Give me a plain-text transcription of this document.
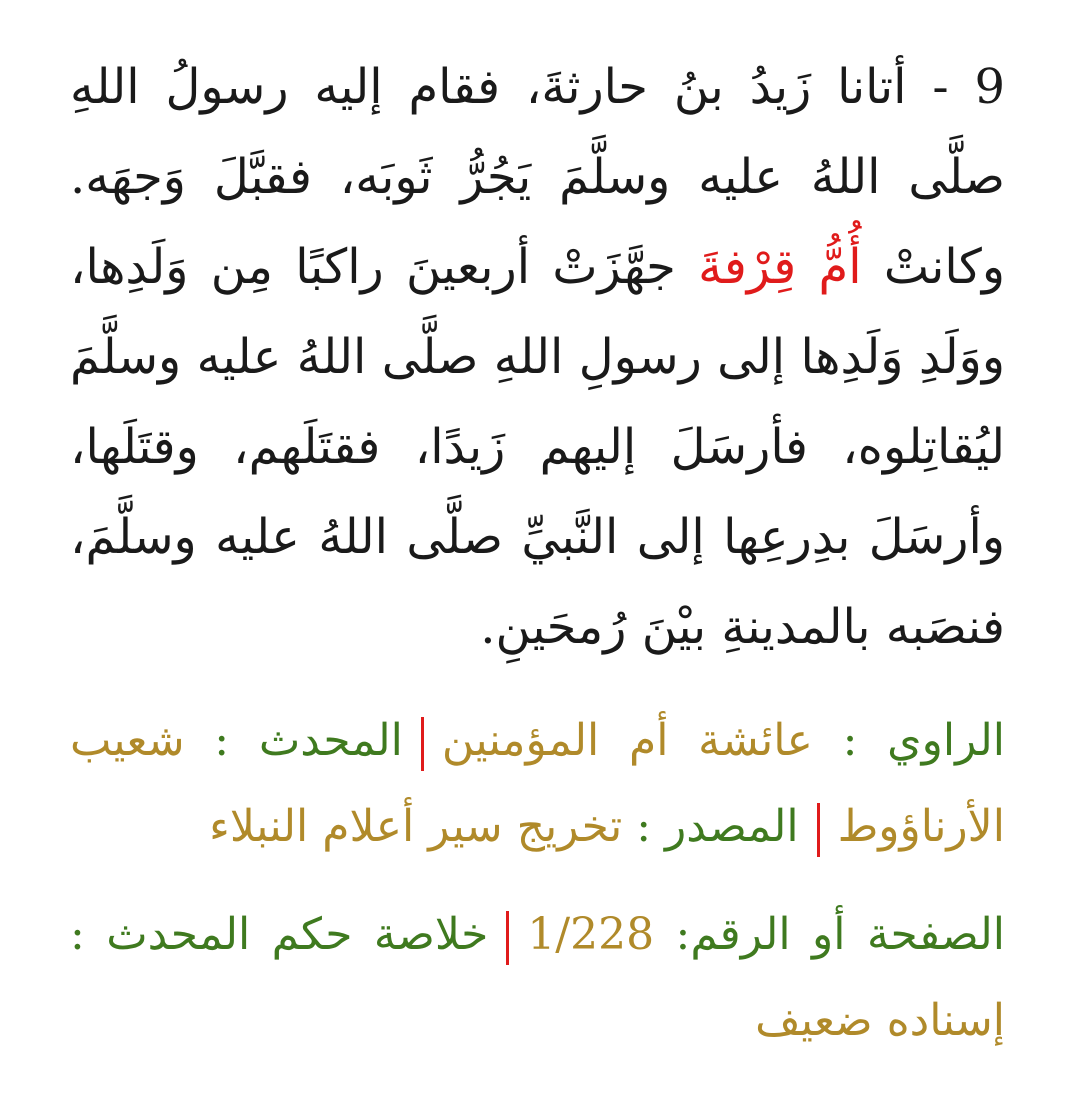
9 - أتانا زَيدُ بنُ حارثةَ، فقام إليه رسولُ اللهِ صلَّى اللهُ عليه وسلَّمَ يَجُرُّ ثَوبَه، فقبَّلَ وَجهَه. وكانتْ أُمُّ قِرْفةَ جهَّزَتْ أربعينَ راكبًا مِن وَلَدِها، ووَلَدِ وَلَدِها إلى رسولِ اللهِ صلَّى اللهُ عليه وسلَّمَ ليُقاتِلوه، فأرسَلَ إليهم زَيدًا، فقتَلَهم، وقتَلَها، وأرسَلَ بدِرعِها إلى النَّبيِّ صلَّى اللهُ عليه وسلَّمَ، فنصَبه بالمدينةِ بيْنَ رُمحَينِ.

الراوي : عائشة أم المؤمنينالمحدث : شعيب الأرناؤوطالمصدر : تخريج سير أعلام النبلاء

الصفحة أو الرقم: 1/228خلاصة حكم المحدث : إسناده ضعيف
